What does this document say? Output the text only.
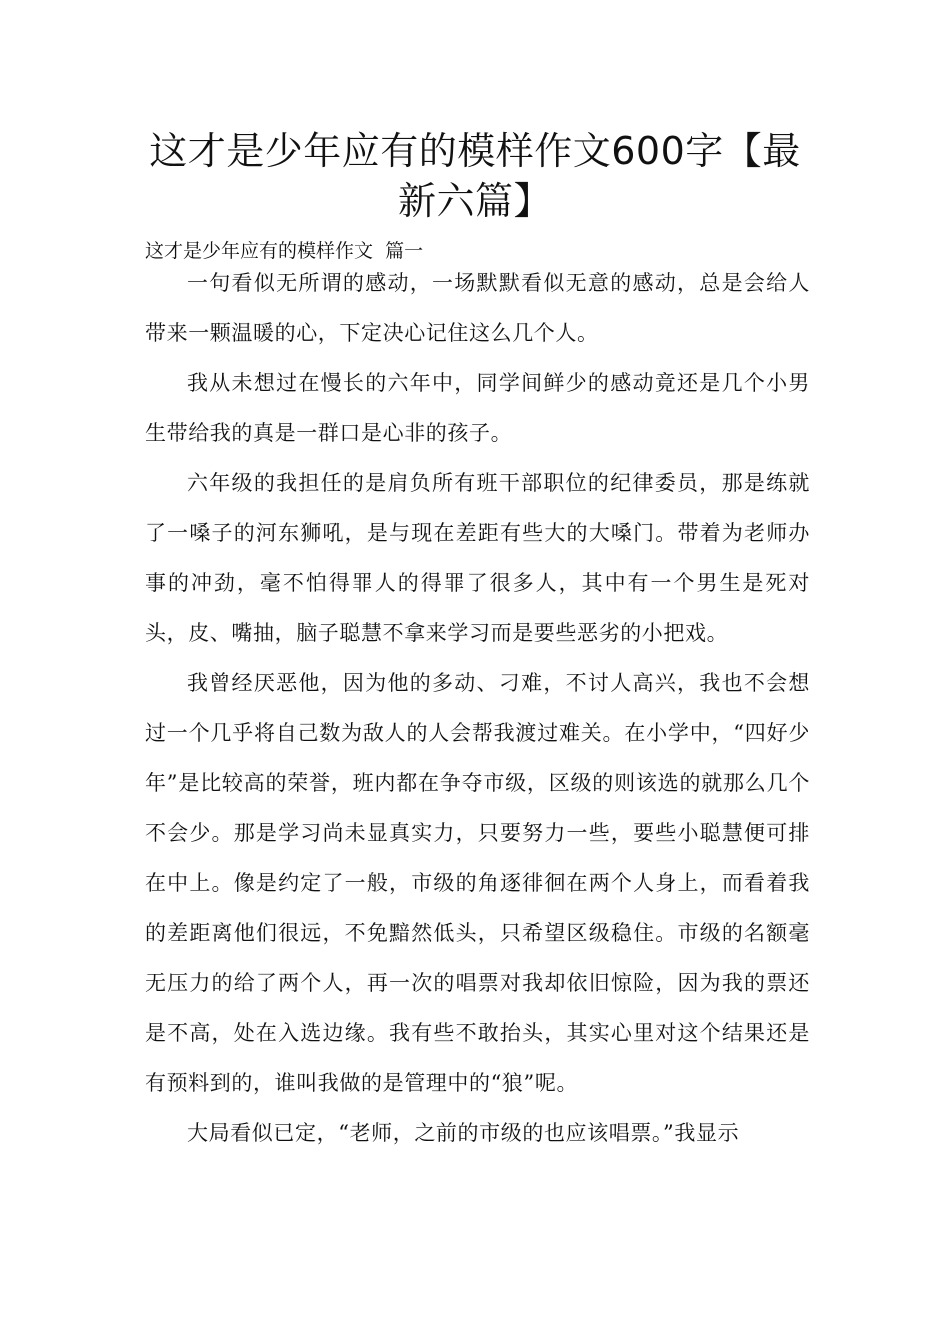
这才是少年应有的模样作文600字【最新六篇】
这才是少年应有的模样作文  篇一

一句看似无所谓的感动，一场默默看似无意的感动，总是会给人带来一颗温暖的心，下定决心记住这么几个人。

我从未想过在慢长的六年中，同学间鲜少的感动竟还是几个小男生带给我的真是一群口是心非的孩子。

六年级的我担任的是肩负所有班干部职位的纪律委员，那是练就了一嗓子的河东狮吼，是与现在差距有些大的大嗓门。带着为老师办事的冲劲，毫不怕得罪人的得罪了很多人，其中有一个男生是死对头，皮、嘴抽，脑子聪慧不拿来学习而是要些恶劣的小把戏。

我曾经厌恶他，因为他的多动、刁难，不讨人高兴，我也不会想过一个几乎将自己数为敌人的人会帮我渡过难关。在小学中，“四好少年”是比较高的荣誉，班内都在争夺市级，区级的则该选的就那么几个不会少。那是学习尚未显真实力，只要努力一些，要些小聪慧便可排在中上。像是约定了一般，市级的角逐徘徊在两个人身上，而看着我的差距离他们很远，不免黯然低头，只希望区级稳住。市级的名额毫无压力的给了两个人，再一次的唱票对我却依旧惊险，因为我的票还是不高，处在入选边缘。我有些不敢抬头，其实心里对这个结果还是有预料到的，谁叫我做的是管理中的“狼”呢。

大局看似已定，“老师，之前的市级的也应该唱票。”我显示
